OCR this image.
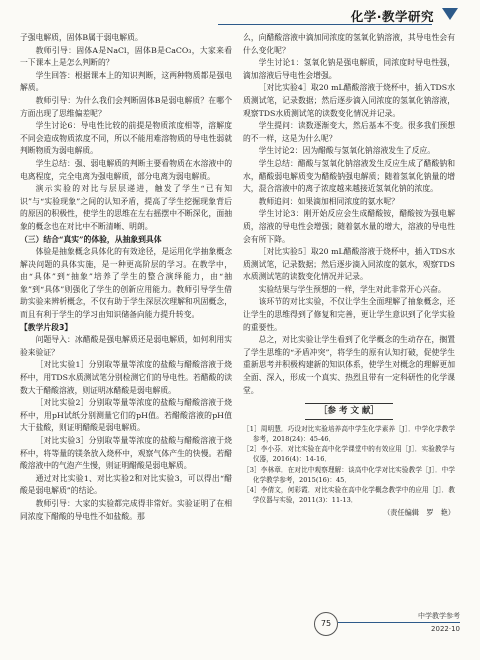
化学·教学研究

子强电解质，固体B属于弱电解质。

教师引导：固体A是NaCl，固体B是CaCO₃，大家来看一下课本上是怎么判断的？

学生回答：根据课本上的知识判断，这两种物质都是强电解质。

教师引导：为什么我们会判断固体B是弱电解质？在哪个方面出现了思维偏差呢？

学生讨论6：导电性比较的前提是物质浓度相等，溶解度不同会造成物质浓度不同，所以不能用难溶物质的导电性弱就判断物质为弱电解质。

学生总结：强、弱电解质的判断主要看物质在水溶液中的电离程度，完全电离为强电解质，部分电离为弱电解质。

演示实验的对比与层层递进，触发了学生“已有知识”与“实验现象”之间的认知矛盾，提高了学生挖掘现象背后的原因的积极性，使学生的思维在左右摇摆中不断深化，面抽象的概念也在对比中不断清晰、明朗。

（三）结合“真实”的体验，从抽象到具体

体验是抽象概念具体化的有效途径，是运用化学抽象概念解决问题的具体实施，是一种更高阶层的学习。在教学中，由“具体”到“抽象”培养了学生的整合演绎能力，由“抽象”到“具体”则强化了学生的创新应用能力。教师引导学生借助实验来辨析概念，不仅有助于学生深层次理解和巩固概念，而且有利于学生的学习由知识储备向能力提升转变。

【教学片段3】

问题导入：冰醋酸是强电解质还是弱电解质，如何利用实验来验证？

［对比实验1］分别取等量等浓度的盐酸与醋酸溶液于烧杯中，用TDS水质测试笔分别检测它们的导电性。若醋酸的读数大于醋酸溶液，则证明冰醋酸是弱电解质。

［对比实验2］分别取等量等浓度的盐酸与醋酸溶液于烧杯中，用pH试纸分别测量它们的pH值。若醋酸溶液的pH值大于盐酸，则证明醋酸是弱电解质。

［对比实验3］分别取等量等浓度的盐酸与醋酸溶液于烧杯中，将等量的镁条放入烧杯中，观察气体产生的快慢。若醋酸溶液中的气泡产生慢，则证明醋酸是弱电解质。

通过对比实验1、对比实验2和对比实验3，可以得出“醋酸是弱电解质”的结论。

教师引导：大家的实验都完成得非常好。实验证明了在相同浓度下醋酸的导电性不如盐酸。那

么，向醋酸溶液中滴加同浓度的氢氧化钠溶液，其导电性会有什么变化呢？

学生讨论1：氢氧化钠是强电解质，同浓度时导电性强，滴加溶液后导电性会增强。

［对比实验4］取20 mL醋酸溶液于烧杯中，插入TDS水质测试笔，记录数据；然后逐步滴入同浓度的氢氧化钠溶液，观察TDS水质测试笔的读数变化情况并记录。

学生提问：读数逐渐变大，然后基本不变。很多我们预想的不一样，这是为什么呢？

学生讨论2：因为醋酸与氢氧化钠溶液发生了反应。

学生总结：醋酸与氢氧化钠溶液发生反应生成了醋酸钠和水，醋酸弱电解质变为醋酸钠强电解质；随着氢氧化钠量的增大，混合溶液中的离子浓度越来越接近氢氧化钠的浓度。

教师追问：如果滴加相同浓度的氨水呢？

学生讨论3：刚开始反应会生成醋酸铵，醋酸铵为强电解质，溶液的导电性会增强；随着氨水量的增大，溶液的导电性会有所下降。

［对比实验5］取20 mL醋酸溶液于烧杯中，插入TDS水质测试笔，记录数据；然后逐步滴入同浓度的氨水，观察TDS水质测试笔的读数变化情况并记录。

实验结果与学生预想的一样，学生对此非常开心兴奋。

该环节的对比实验，不仅让学生全面理解了抽象概念，还让学生的思维得到了修复和完善，更让学生意识到了化学实验的重要性。

总之，对比实验让学生看到了化学概念的生动存在，搁置了学生思维的“矛盾冲突”，将学生的原有认知打破，促使学生重新思考并积极构建新的知识体系，使学生对概念的理解更加全面、深入，形成一个真实、热烈且带有一定科研性的化学课堂。

［参 考 文 献］
［1］周明慧．巧设对比实验培养高中学生化学素养［J］．中学化学教学参考，2018(24)：45-46．
［2］李小芬．对比实验在高中化学课堂中的有效应用［J］．实验教学与仪器，2016(4)：14-16．
［3］李林章．在对比中观察理解：谈高中化学对比实验教学［J］．中学化学教学参考，2015(16)：45．
［4］李倩文，何彩霞．对比实验在高中化学概念教学中的应用［J］．教学仪器与实验，2011(3)：11-13．
（责任编辑　罗　艳）
75
中学教学参考
2022·10
